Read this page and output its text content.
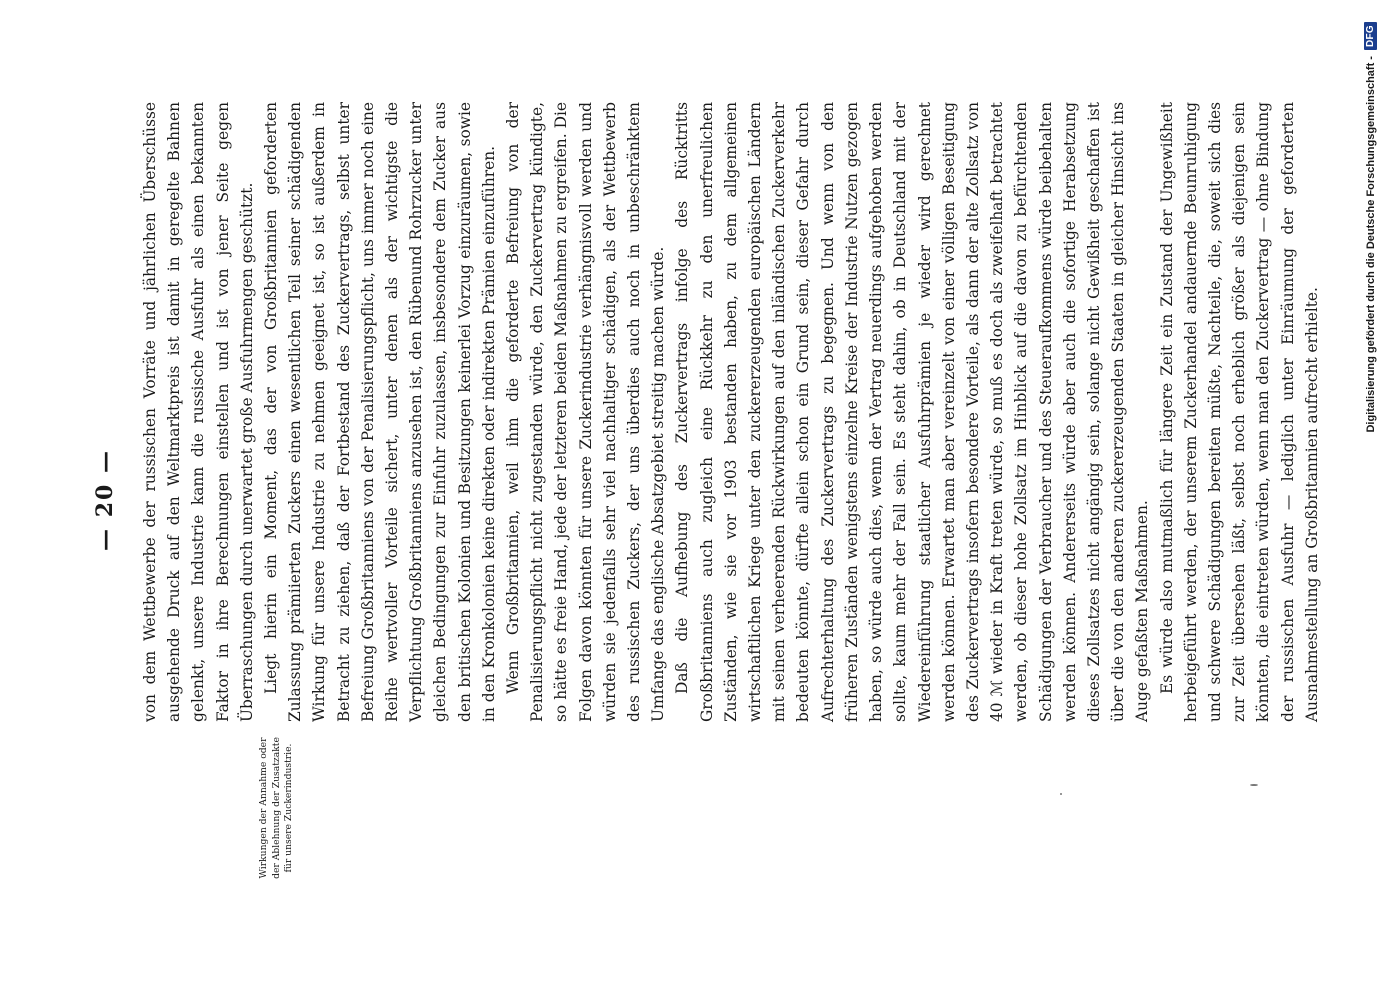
— 20 —
Wirkungen der Annahme oder der Ablehnung der Zusatzakte für unsere Zuckerindustrie.

von dem Wettbewerbe der russischen Vorräte und jährlichen Überschüsse ausgehende Druck auf den Weltmarktpreis ist damit in geregelte Bahnen gelenkt, unsere Industrie kann die russische Ausfuhr als einen bekannten Faktor in ihre Berechnungen einstellen und ist von jener Seite gegen Überraschungen durch unerwartet große Ausfuhrmengen geschützt. Liegt hierin ein Moment, das der von Großbritannien geforderten Zulassung prämiierten Zuckers einen wesentlichen Teil seiner schädigenden Wirkung für unsere Industrie zu nehmen geeignet ist, so ist außerdem in Betracht zu ziehen, daß der Fortbestand des Zuckervertrags, selbst unter Befreiung Großbritanniens von der Penalisierungspflicht, uns immer noch eine Reihe wertvoller Vorteile sichert, unter denen als der wichtigste die Verpflichtung Großbritanniens anzusehen ist, den Rübenund Rohrzucker unter gleichen Bedingungen zur Einfuhr zuzulassen, insbesondere dem Zucker aus den britischen Kolonien und Besitzungen keinerlei Vorzug einzuräumen, sowie in den Kronkolonien keine direkten oder indirekten Prämien einzuführen. Wenn Großbritannien, weil ihm die geforderte Befreiung von der Penalisierungspflicht nicht zugestanden würde, den Zuckervertrag kündigte, so hätte es freie Hand, jede der letzteren beiden Maßnahmen zu ergreifen. Die Folgen davon könnten für unsere Zuckerindustrie verhängnisvoll werden und würden sie jedenfalls sehr viel nachhaltiger schädigen, als der Wettbewerb des russischen Zuckers, der uns überdies auch noch in unbeschränktem Umfange das englische Absatzgebiet streitig machen würde. Daß die Aufhebung des Zuckervertrags infolge des Rücktritts Großbritanniens auch zugleich eine Rückkehr zu den unerfreulichen Zuständen, wie sie vor 1903 bestanden haben, zu dem allgemeinen wirtschaftlichen Kriege unter den zuckererzeugenden europäischen Ländern mit seinen verheerenden Rückwirkungen auf den inländischen Zuckerverkehr bedeuten könnte, dürfte allein schon ein Grund sein, dieser Gefahr durch Aufrechterhaltung des Zuckervertrags zu begegnen. Und wenn von den früheren Zuständen wenigstens einzelne Kreise der Industrie Nutzen gezogen haben, so würde auch dies, wenn der Vertrag neuerdings aufgehoben werden sollte, kaum mehr der Fall sein. Es steht dahin, ob in Deutschland mit der Wiedereinführung staatlicher Ausfuhrprämien je wieder wird gerechnet werden können. Erwartet man aber vereinzelt von einer völligen Beseitigung des Zuckervertrags insofern besondere Vorteile, als dann der alte Zollsatz von 40 ℳ wieder in Kraft treten würde, so muß es doch als zweifelhaft betrachtet werden, ob dieser hohe Zollsatz im Hinblick auf die davon zu befürchtenden Schädigungen der Verbraucher und des Steueraufkommens würde beibehalten werden können. Andererseits würde aber auch die sofortige Herabsetzung dieses Zollsatzes nicht angängig sein, solange nicht Gewißheit geschaffen ist über die von den anderen zuckererzeugenden Staaten in gleicher Hinsicht ins Auge gefaßten Maßnahmen. Es würde also mutmaßlich für längere Zeit ein Zustand der Ungewißheit herbeigeführt werden, der unserem Zuckerhandel andauernde Beunruhigung und schwere Schädigungen bereiten müßte, Nachteile, die, soweit sich dies zur Zeit übersehen läßt, selbst noch erheblich größer als diejenigen sein könnten, die eintreten würden, wenn man den Zuckervertrag — ohne Bindung der russischen Ausfuhr — lediglich unter Einräumung der geforderten Ausnahmestellung an Großbritannien aufrecht erhielte.

Digitalisierung gefördert durch die Deutsche Forschungsgemeinschaft -
DFG
